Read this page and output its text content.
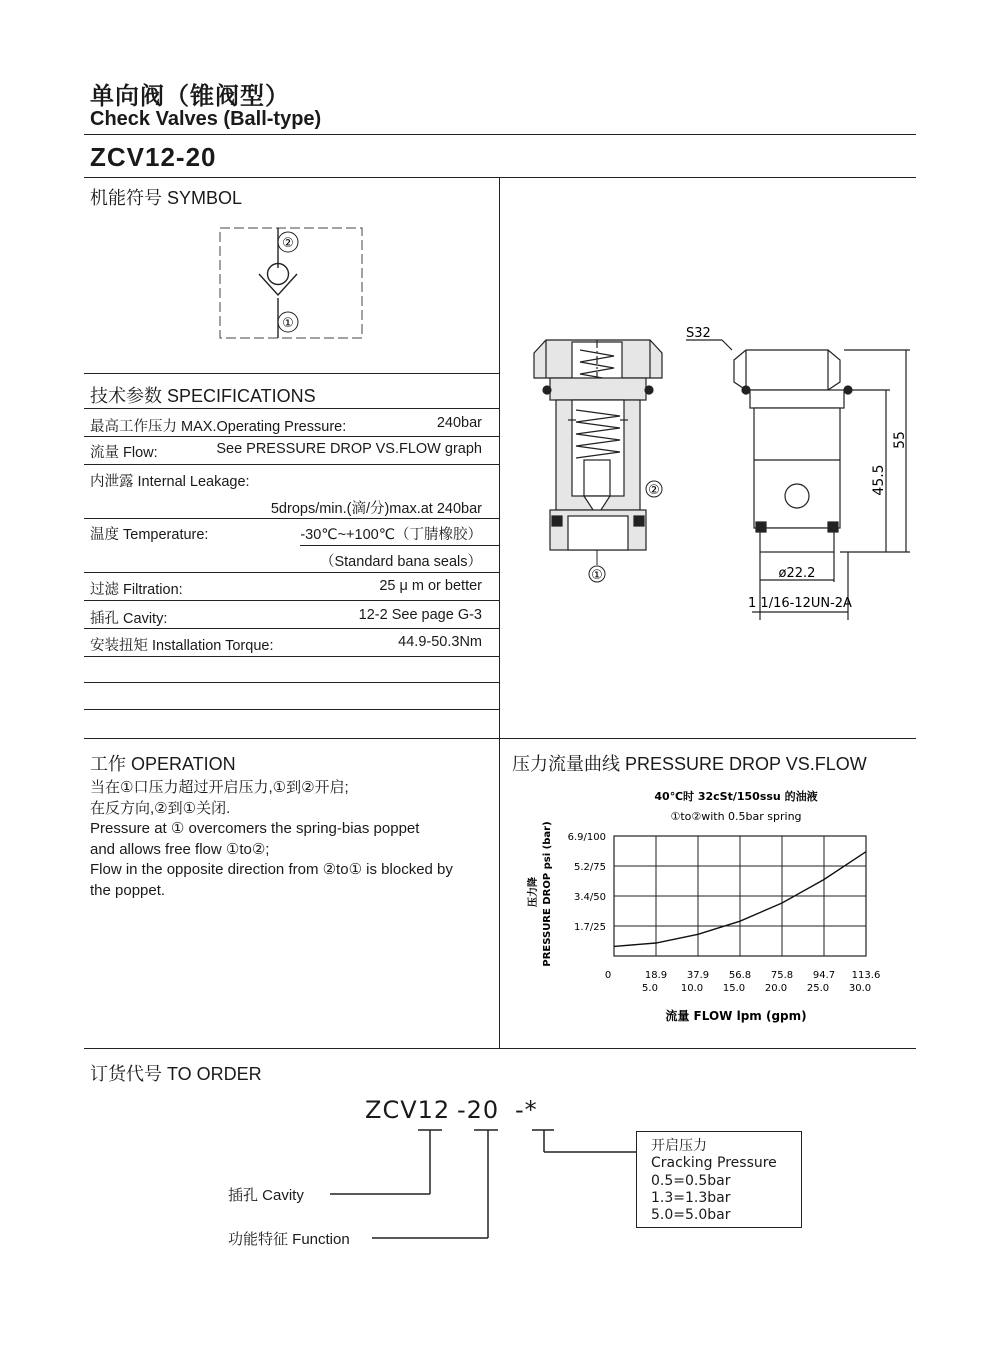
单向阀（锥阀型）
Check Valves (Ball-type)
ZCV12-20
机能符号 SYMBOL
②
①
技术参数 SPECIFICATIONS
最高工作压力 MAX.Operating Pressure:	240bar
流量 Flow:	See PRESSURE DROP VS.FLOW graph
内泄露 Internal Leakage:
5drops/min.(滴/分)max.at 240bar
温度 Temperature:	-30℃~+100℃（丁腈橡胶）
（Standard bana seals）
过滤 Filtration:	25 μ m or better
插孔 Cavity:	12-2 See page G-3
安装扭矩 Installation Torque:	44.9-50.3Nm
②
①
S32
55
45.5
ø22.2
1 1/16-12UN-2A
工作 OPERATION
当在①口压力超过开启压力,①到②开启;
在反方向,②到①关闭.
Pressure at ① overcomers the spring-bias poppet
and allows free flow ①to②;
Flow in the opposite direction from ②to① is blocked by
the poppet.
压力流量曲线 PRESSURE DROP VS.FLOW
40℃时 32cSt/150ssu 的油液
①to②with 0.5bar spring
1.7/25
3.4/50
5.2/75
6.9/100
0	18.9
5.0
37.9
10.0
56.8
15.0
75.8
20.0
94.7
25.0
113.6
30.0
压力降 PRESSURE DROP psi (bar)
流量 FLOW lpm (gpm)
订货代号 TO ORDER
ZCV12 -20 -*
插孔 Cavity
功能特征 Function
开启压力
Cracking Pressure
0.5=0.5bar
1.3=1.3bar
5.0=5.0bar
